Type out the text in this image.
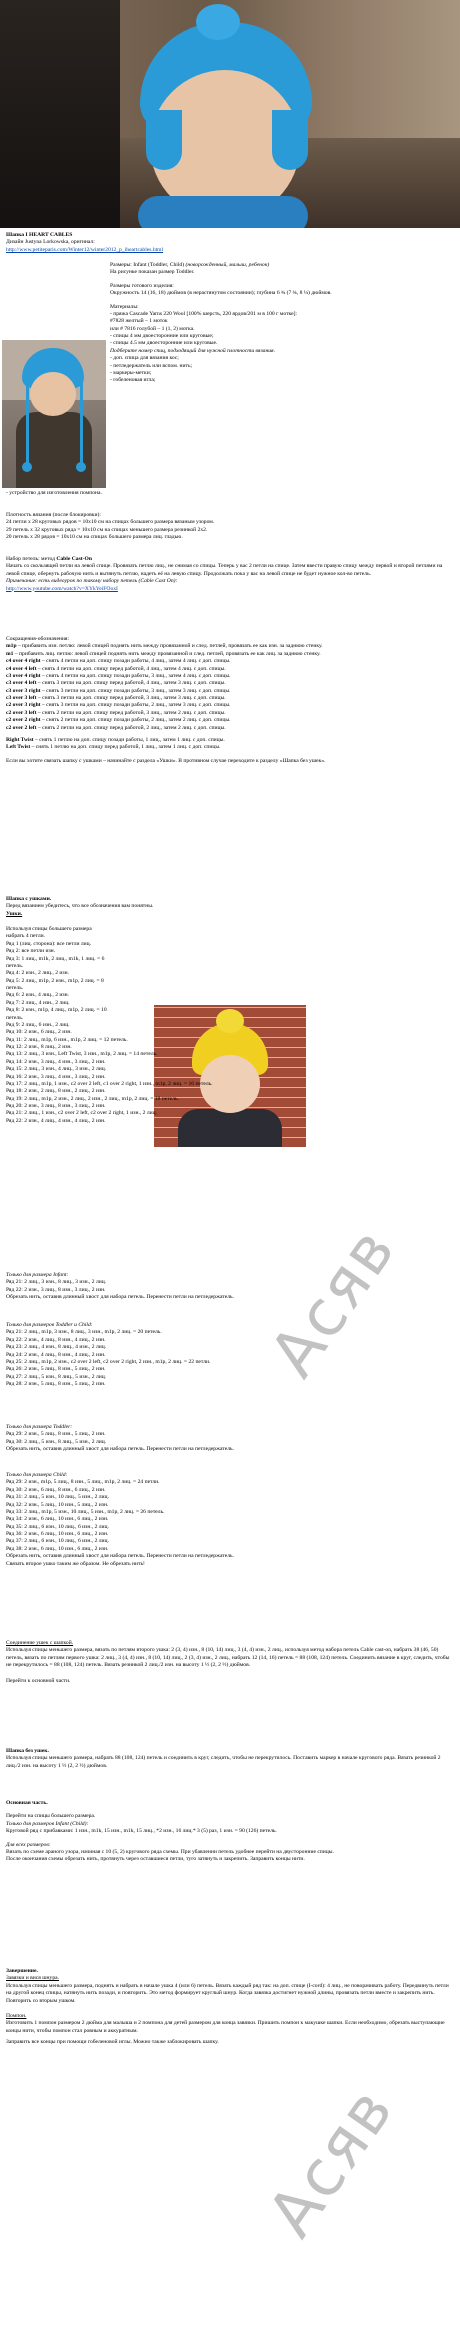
Шапка I HEART CABLES

Дизайн Justyna Lorkowska, оригинал:

http://www.petiteparis.com/Winter12/winter2012_p_iheartcables.html

Размеры: Infant (Toddler, Child) (новорожденный, малыш, ребенок)

На рисунке показан размер Toddler.

Размеры готового изделия:

Окружность 14 (16, 18) дюймов (в нерастянутом состоянии); глубина 6 ¾ (7 ¾, 8 ¼) дюймов.

Материалы:

- пряжа Cascade Yarns 220 Wool [100% шерсть, 220 ярдов/201 м в 100 г мотке]:

#7828 желтый – 1 моток

или # 7816 голубой – 1 (1, 2) мотка.

- спицы 4 мм двоесторонние или круговые;

- спицы 4.5 мм двоесторонние или круговые.

Подберите номер спиц, подходящий для нужной плотности вязания.

- доп. спица для вязания кос;

- петледержатель или вспом. нить;

- маркеры-метки;

- гобеленовая игла;

- устройство для изготовления помпона.

Плотность вязания (после блокировки):

24 петли х 28 круговых рядов = 10х10 см на спицах большего размера вязаным узором.

29 петель х 32 круговых ряда = 10х10 см на спицах меньшего размера резинкой 2х2.

20 петель х 28 рядов = 10х10 см на спицах большего размера лиц. гладью.

Набор петель: метод Cable Cast-On

Начать со скользящей петли на левой спице. Провязать петлю лиц., не снимая со спицы. Теперь у вас 2 петли на спице. Затем ввести правую спицу между первой и второй петлями на левой спице, обернуть рабочую нить и вытянуть петлю, надеть её на левую спицу. Продолжать пока у вас на левой спице не будет нужное кол-во петель.

Примечание: есть видеоурок по такому набору петель (Cable Cast On):

http://www.youtube.com/watch?v=XYkYeiFOoxI

Сокращения-обозначения:

m1p – прибавить изн. петлю: левой спицей поднять нить между провязанной и след. петлей, провязать ее как изн. за заднюю стенку.

m1 – прибавить лиц. петлю: левой спицей поднять нить между провязанной и след. петлей, провязать ее как лиц. за заднюю стенку.

c4 over 4 right – снять 4 петли на доп. спицу позади работы, 4 лиц., затем 4 лиц. с доп. спицы.

c4 over 4 left – снять 4 петли на доп. спицу перед работой, 4 лиц., затем 4 лиц. с доп. спицы.

c3 over 4 right – снять 4 петли на доп. спицу позади работы, 3 лиц., затем 4 лиц. с доп. спицы.

c3 over 4 left – снять 3 петли на доп. спицу перед работой, 4 лиц., затем 3 лиц. с доп. спицы.

c3 over 3 right – снять 3 петли на доп. спицу позади работы, 3 лиц., затем 3 лиц. с доп. спицы.

c3 over 3 left – снять 3 петли на доп. спицу перед работой, 3 лиц., затем 3 лиц. с доп. спицы.

c2 over 3 right – снять 3 петли на доп. спицу позади работы, 2 лиц., затем 3 лиц. с доп. спицы.

c2 over 3 left – снять 2 петли на доп. спицу перед работой, 3 лиц., затем 2 лиц. с доп. спицы.

c2 over 2 right – снять 2 петли на доп. спицу позади работы, 2 лиц., затем 2 лиц. с доп. спицы.

c2 over 2 left – снять 2 петли на доп. спицу перед работой, 2 лиц., затем 2 лиц. с доп. спицы.

Right Twist – снять 1 петлю на доп. спицу позади работы, 1 лиц., затем 1 лиц. с доп. спицы.

Left Twist – снять 1 петлю на доп. спицу перед работой, 1 лиц., затем 1 лиц. с доп. спицы.

Если вы хотите связать шапку с ушками – начинайте с раздела «Ушки». В противном случае переходите к разделу «Шапка без ушек».

Шапка с ушками.

Перед вязанием убедитесь, что все обозначения вам понятны.

Ушки.

Используя спицы большего размера

набрать 4 петли.

Ряд 1 (лиц. сторона): все петли лиц.

Ряд 2: все петли изн.

Ряд 3: 1 лиц., m1k, 2 лиц., m1k, 1 лиц. = 6

петель.

Ряд 4: 2 изн., 2 лиц., 2 изн.

Ряд 5: 2 лиц., m1p, 2 изн., m1p, 2 лиц. = 8

петель.

Ряд 6: 2 изн., 4 лиц., 2 изн.

Ряд 7: 2 лиц., 4 изн., 2 лиц.

Ряд 8: 2 изн., m1p, 4 лиц., m1p, 2 лиц. = 10

петель.

Ряд 9: 2 лиц., 6 изн., 2 лиц.

Ряд 10: 2 изн., 6 лиц., 2 изн.

Ряд 11: 2 лиц., m1p, 6 изн., m1p, 2 лиц. = 12 петель.

Ряд 12: 2 изн., 8 лиц., 2 изн.

Ряд 13: 2 лиц., 3 изн., Left Twist, 3 изн., m1p, 2 лиц. = 14 петель.

Ряд 14: 2 изн., 3 лиц., 4 изн., 3 лиц., 2 изн.

Ряд 15: 2 лиц., 3 изн., 4 лиц., 3 изн., 2 лиц.

Ряд 16: 2 изн., 3 лиц., 4 изн., 3 лиц., 2 изн.

Ряд 17: 2 лиц., m1p, 1 изн., c2 over 2 left, c1 over 2 right, 1 изн., m1p, 2 лиц. = 16 петель.

Ряд 18: 2 изн., 2 лиц., 8 изн., 2 лиц., 2 изн.

Ряд 19: 2 лиц., m1p, 2 изн., 2 лиц., 2 изн., 2 лиц., m1p, 2 лиц. = 18 петель.

Ряд 20: 2 изн., 3 лиц., 8 изн., 3 лиц., 2 изн.

Ряд 21: 2 лиц., 1 изн., c2 over 2 left, c2 over 2 right, 1 изн., 2 лиц.

Ряд 22: 2 изн., 4 лиц., 4 изн., 4 лиц., 2 изн.

Только для размера Infant:

Ряд 21: 2 лиц., 3 изн., 8 лиц., 3 изн., 2 лиц.

Ряд 22: 2 изн., 3 лиц., 8 изн., 3 лиц., 2 изн.

Обрезать нить, оставив длинный хвост для набора петель. Перенести петли на петледержатель.

Только для размеров Toddler и Child:

Ряд 21: 2 лиц., m1p, 3 изн., 8 лиц., 3 изн., m1p, 2 лиц. = 20 петель.

Ряд 22: 2 изн., 4 лиц., 8 изн., 4 лиц., 2 изн.

Ряд 23: 2 лиц., 4 изн., 8 лиц., 4 изн., 2 лиц.

Ряд 24: 2 изн., 4 лиц., 8 изн., 4 лиц., 2 изн.

Ряд 25: 2 лиц., m1p, 2 изн., c2 over 2 left, c2 over 2 right, 2 изн., m1p, 2 лиц. = 22 петли.

Ряд 26: 2 изн., 5 лиц., 8 изн., 5 лиц., 2 изн.

Ряд 27: 2 лиц., 5 изн., 8 лиц., 5 изн., 2 лиц.

Ряд 28: 2 изн., 5 лиц., 8 изн., 5 лиц., 2 изн.

Только для размера Toddler:

Ряд 29: 2 изн., 5 лиц., 8 изн., 5 лиц., 2 изн.

Ряд 30: 2 лиц., 5 изн., 8 лиц., 5 изн., 2 лиц.

Обрезать нить, оставив длинный хвост для набора петель. Перенести петли на петледержатель.

Только для размера Child:

Ряд 29: 2 изн., m1p, 5 лиц., 8 изн., 5 лиц., m1p, 2 лиц. = 24 петли.

Ряд 30: 2 изн., 6 лиц., 8 изн., 6 лиц., 2 изн.

Ряд 31: 2 лиц., 5 изн., 10 лиц., 5 изн., 2 лиц.

Ряд 32: 2 изн., 5 лиц., 10 изн., 5 лиц., 2 изн.

Ряд 33: 2 лиц., m1p, 5 изн., 10 лиц., 5 изн., m1p, 2 лиц. = 26 петель.

Ряд 34: 2 изн., 6 лиц., 10 изн., 6 лиц., 2 изн.

Ряд 35: 2 лиц., 6 изн., 10 лиц., 6 изн., 2 лиц.

Ряд 36: 2 изн., 6 лиц., 10 изн., 6 лиц., 2 изн.

Ряд 37: 2 лиц., 6 изн., 10 лиц., 6 изн., 2 лиц.

Ряд 38: 2 изн., 6 лиц., 10 изн., 6 лиц., 2 изн.

Обрезать нить, оставив длинный хвост для набора петель. Перенести петли на петледержатель.

Связать второе ушко таким же образом. Не обрезать нить!

Соединение ушек с шапкой.

Используя спицы меньшего размера, вязать по петлям второго ушка: 2 (3, 4) изн., 8 (10, 14) лиц., 3 (4, 4) изн., 2 лиц., используя метод набора петель Cable cast-on, набрать 38 (46, 50) петель, вязать по петлям первого ушка: 2 лиц., 3 (4, 4) изн., 8 (10, 14) лиц., 2 (3, 4) изн., 2 лиц., набрать 12 (14, 16) петель = 88 (108, 124) петель. Соединить вязание в круг, следить, чтобы не перекрутилось = 88 (108, 124) петель. Вязать резинкой 2 лиц./2 изн. на высоту 1 ½ (2, 2 ½) дюймов.

Перейти к основной части.

Шапка без ушек.

Используя спицы меньшего размера, набрать 88 (108, 124) петель и соединить в круг, следить, чтобы не перекрутилось. Поставить маркер в начале кругового ряда. Вязать резинкой 2 лиц./2 изн. на высоту 1 ½ (2, 2 ½) дюймов.

Основная часть.

Перейти на спицы большего размера.

Только для размеров Infant (Child):

Круговой ряд с прибавками: 1 изн., m1k, 15 изн., m1k, 15 лиц., *2 изн., 16 лиц.* 3 (5) раз, 1 изн. = 90 (126) петель.

Для всех размеров:

Вязать по схеме араного узора, начиная с 10 (5, 2) кругового ряда схемы. При убавлении петель удобнее перейти на двусторонние спицы.

После окончания схемы обрезать нить, протянуть через оставшиеся петли, туго затянуть и закрепить. Заправить концы нити.

Завершение.

Завязки и вися шнура.

Используя спицы меньшего размера, поднять и набрать в начале ушка 4 (или 6) петель. Вязать каждый ряд так: на доп. спице (I-cord): 4 лиц., не поворачивать работу. Передвинуть петли на другой конец спицы, натянуть нить позади, и повторить. Это метод формирует круглый шнур. Когда завязка достигнет нужной длины, провязать петли вместе и закрепить нить.

Повторить со вторым ушком.

Помпон.

Изготовить 1 помпон размером 2 дюйма для малыша и 2 помпона для детей размером для конца завязки. Пришить помпон к макушке шапки. Если необходимо, обрезать выступающие концы нити, чтобы помпон стал ровным и аккуратным.

Заправить все концы при помощи гобеленовой иглы. Можно также заблокировать шапку.

Асяв
Асяв
